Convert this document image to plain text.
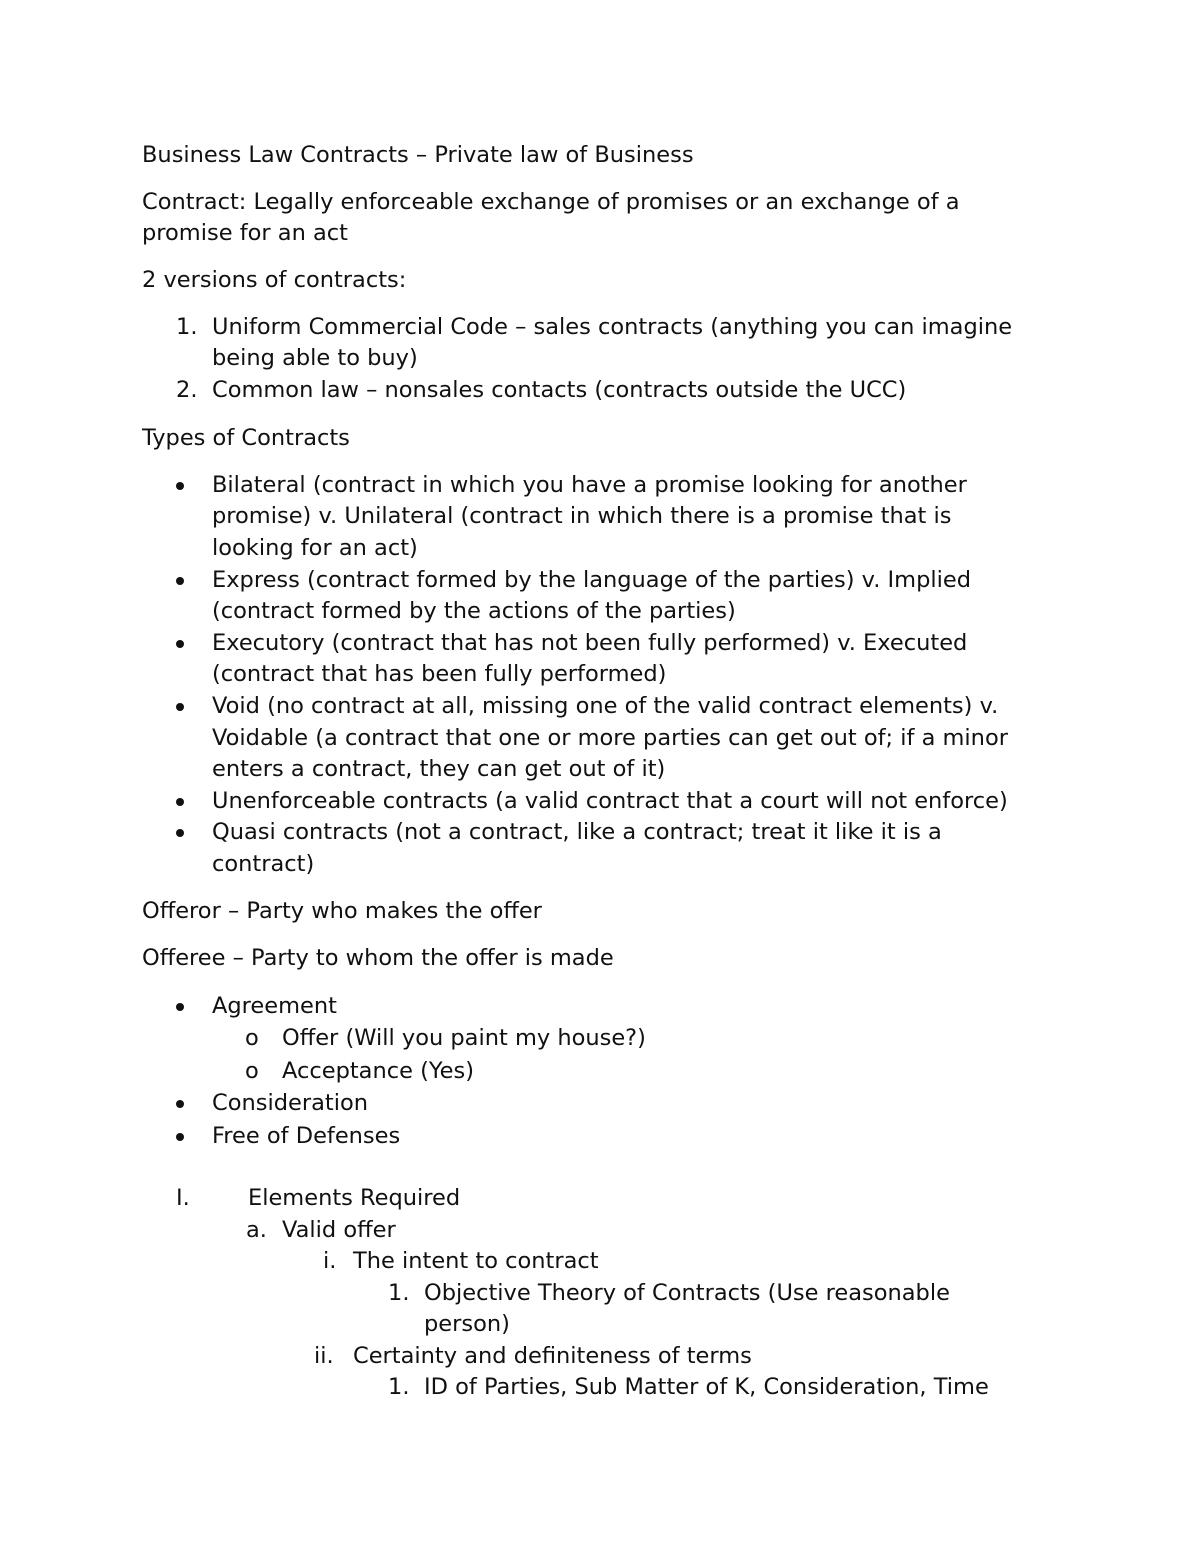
Business Law Contracts – Private law of Business
Contract: Legally enforceable exchange of promises or an exchange of a
promise for an act
2 versions of contracts:
1. Uniform Commercial Code – sales contracts (anything you can imagine
being able to buy)
2. Common law – nonsales contacts (contracts outside the UCC)
Types of Contracts
Bilateral (contract in which you have a promise looking for another
promise) v. Unilateral (contract in which there is a promise that is
looking for an act)
Express (contract formed by the language of the parties) v. Implied
(contract formed by the actions of the parties)
Executory (contract that has not been fully performed) v. Executed
(contract that has been fully performed)
Void (no contract at all, missing one of the valid contract elements) v.
Voidable (a contract that one or more parties can get out of; if a minor
enters a contract, they can get out of it)
Unenforceable contracts (a valid contract that a court will not enforce)
Quasi contracts (not a contract, like a contract; treat it like it is a
contract)
Offeror – Party who makes the offer
Offeree – Party to whom the offer is made
Agreement
o Offer (Will you paint my house?)
o Acceptance (Yes)
Consideration
Free of Defenses
I.	Elements Required
a. Valid offer
i. The intent to contract
1. Objective Theory of Contracts (Use reasonable
person)
ii. Certainty and definiteness of terms
1. ID of Parties, Sub Matter of K, Consideration, Time
